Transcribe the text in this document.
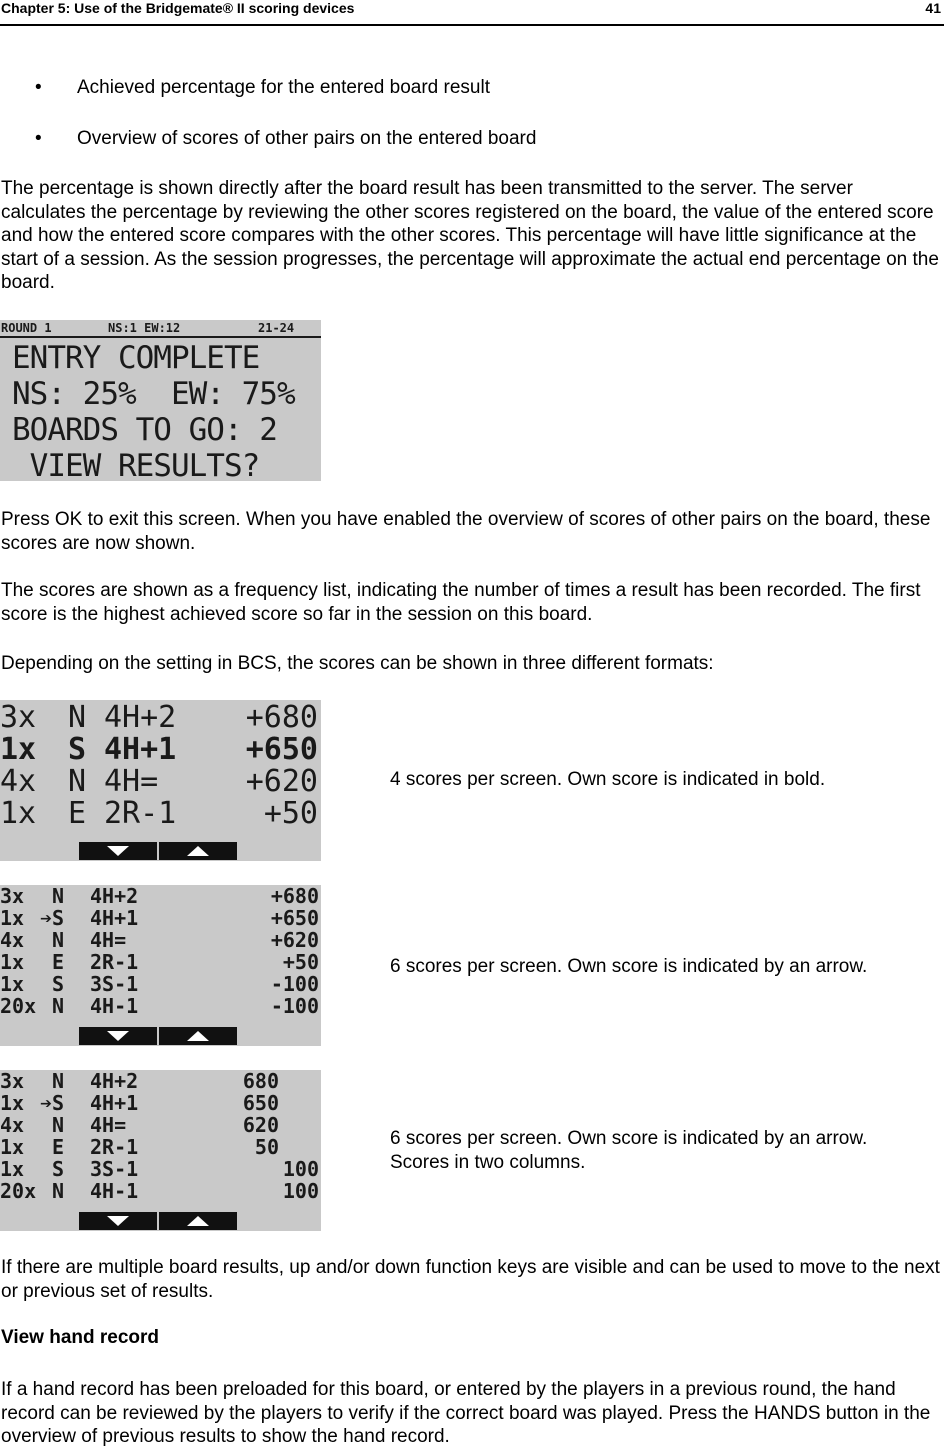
Chapter 5: Use of the Bridgemate® II scoring devices	41
• Achieved percentage for the entered board result
• Overview of scores of other pairs on the entered board
The percentage is shown directly after the board result has been transmitted to the server. The server calculates the percentage by reviewing the other scores registered on the board, the value of the entered score and how the entered score compares with the other scores. This percentage will have little significance at the start of a session. As the session progresses, the percentage will approximate the actual end percentage on the board.

ROUND 1

	NS:1 EW:12

	21-24

ENTRY COMPLETE
NS: 25%  EW: 75%
BOARDS TO GO: 2
VIEW RESULTS?
Press OK to exit this screen. When you have enabled the overview of scores of other pairs on the board, these scores are now shown.
The scores are shown as a frequency list, indicating the number of times a result has been recorded. The first score is the highest achieved score so far in the session on this board.
Depending on the setting in BCS, the scores can be shown in three different formats:
3x N 4H+2 +680
1x S 4H+1 +650
4x N 4H=	+620
1x E 2R-1	+50
4 scores per screen. Own score is indicated in bold.
3x N 4H+2	+680
1x ➔S 4H+1	+650
4x N 4H=	+620
1x E 2R-1	+50
1x S 3S-1	-100
20x N 4H-1	-100
6 scores per screen. Own score is indicated by an arrow.
3x N 4H+2	680
1x ➔S 4H+1	650
4x N 4H=	620
1x E 2R-1	50
1x S 3S-1	100
20x N 4H-1	100
6 scores per screen. Own score is indicated by an arrow.
Scores in two columns.
If there are multiple board results, up and/or down function keys are visible and can be used to move to the next or previous set of results.
View hand record
If a hand record has been preloaded for this board, or entered by the players in a previous round, the hand record can be reviewed by the players to verify if the correct board was played. Press the HANDS button in the overview of previous results to show the hand record.
